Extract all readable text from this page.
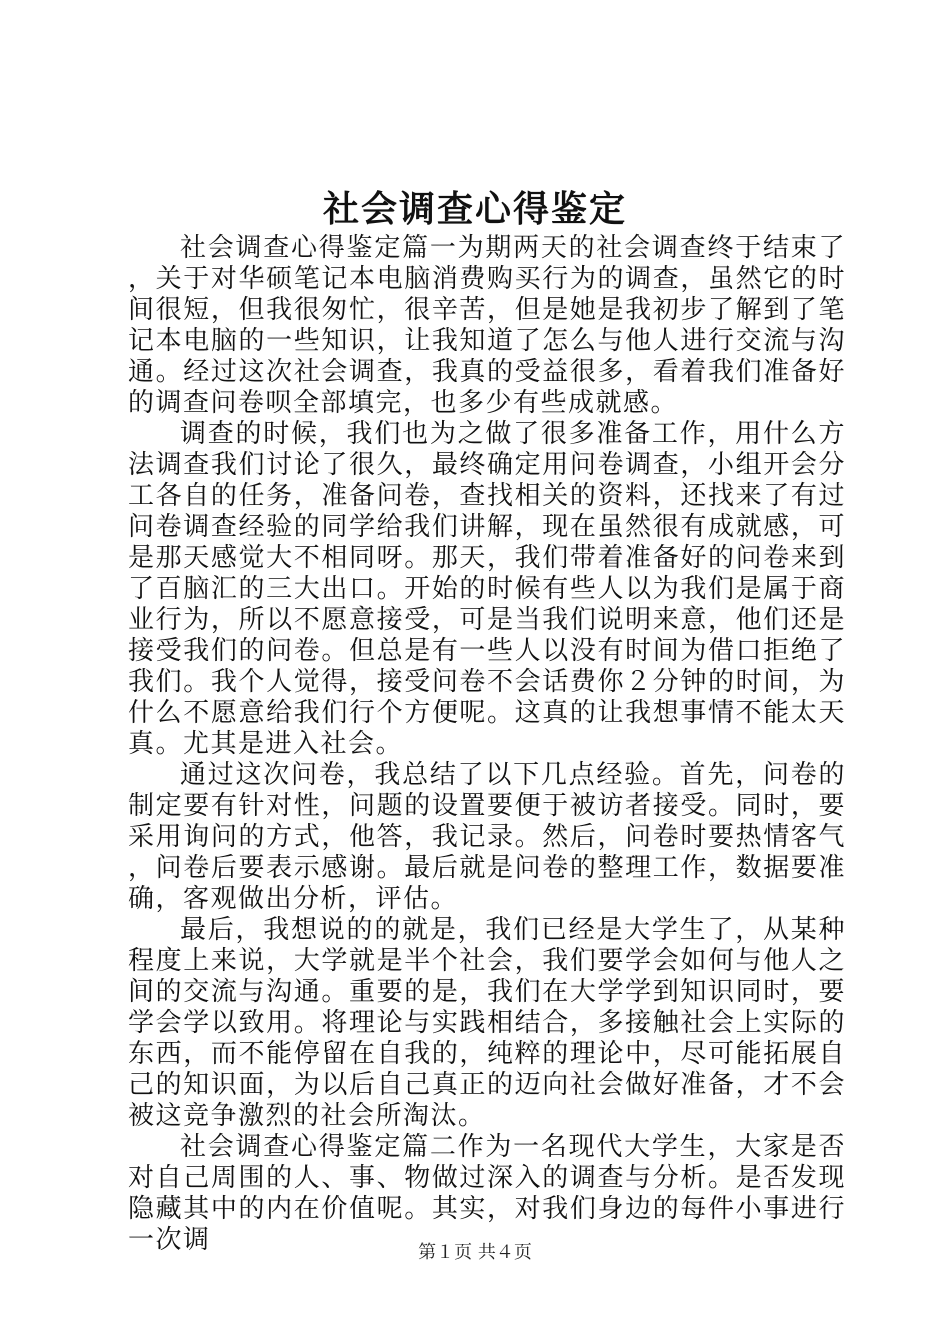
社会调查心得鉴定

社会调查心得鉴定篇一为期两天的社会调查终于结束了，关于对华硕笔记本电脑消费购买行为的调查，虽然它的时间很短，但我很匆忙，很辛苦，但是她是我初步了解到了笔记本电脑的一些知识，让我知道了怎么与他人进行交流与沟通。经过这次社会调查，我真的受益很多，看着我们准备好的调查问卷呗全部填完，也多少有些成就感。

调查的时候，我们也为之做了很多准备工作，用什么方法调查我们讨论了很久，最终确定用问卷调查，小组开会分工各自的任务，准备问卷，查找相关的资料，还找来了有过问卷调查经验的同学给我们讲解，现在虽然很有成就感，可是那天感觉大不相同呀。那天，我们带着准备好的问卷来到了百脑汇的三大出口。开始的时候有些人以为我们是属于商业行为，所以不愿意接受，可是当我们说明来意，他们还是接受我们的问卷。但总是有一些人以没有时间为借口拒绝了我们。我个人觉得，接受问卷不会话费你２分钟的时间，为什么不愿意给我们行个方便呢。这真的让我想事情不能太天真。尤其是进入社会。

通过这次问卷，我总结了以下几点经验。首先，问卷的制定要有针对性，问题的设置要便于被访者接受。同时，要采用询问的方式，他答，我记录。然后，问卷时要热情客气，问卷后要表示感谢。最后就是问卷的整理工作，数据要准确，客观做出分析，评估。

最后，我想说的的就是，我们已经是大学生了，从某种程度上来说，大学就是半个社会，我们要学会如何与他人之间的交流与沟通。重要的是，我们在大学学到知识同时，要学会学以致用。将理论与实践相结合，多接触社会上实际的东西，而不能停留在自我的，纯粹的理论中，尽可能拓展自己的知识面，为以后自己真正的迈向社会做好准备，才不会被这竞争激烈的社会所淘汰。

社会调查心得鉴定篇二作为一名现代大学生，大家是否对自己周围的人、事、物做过深入的调查与分析。是否发现隐藏其中的内在价值呢。其实，对我们身边的每件小事进行一次调	第１页 共４页
